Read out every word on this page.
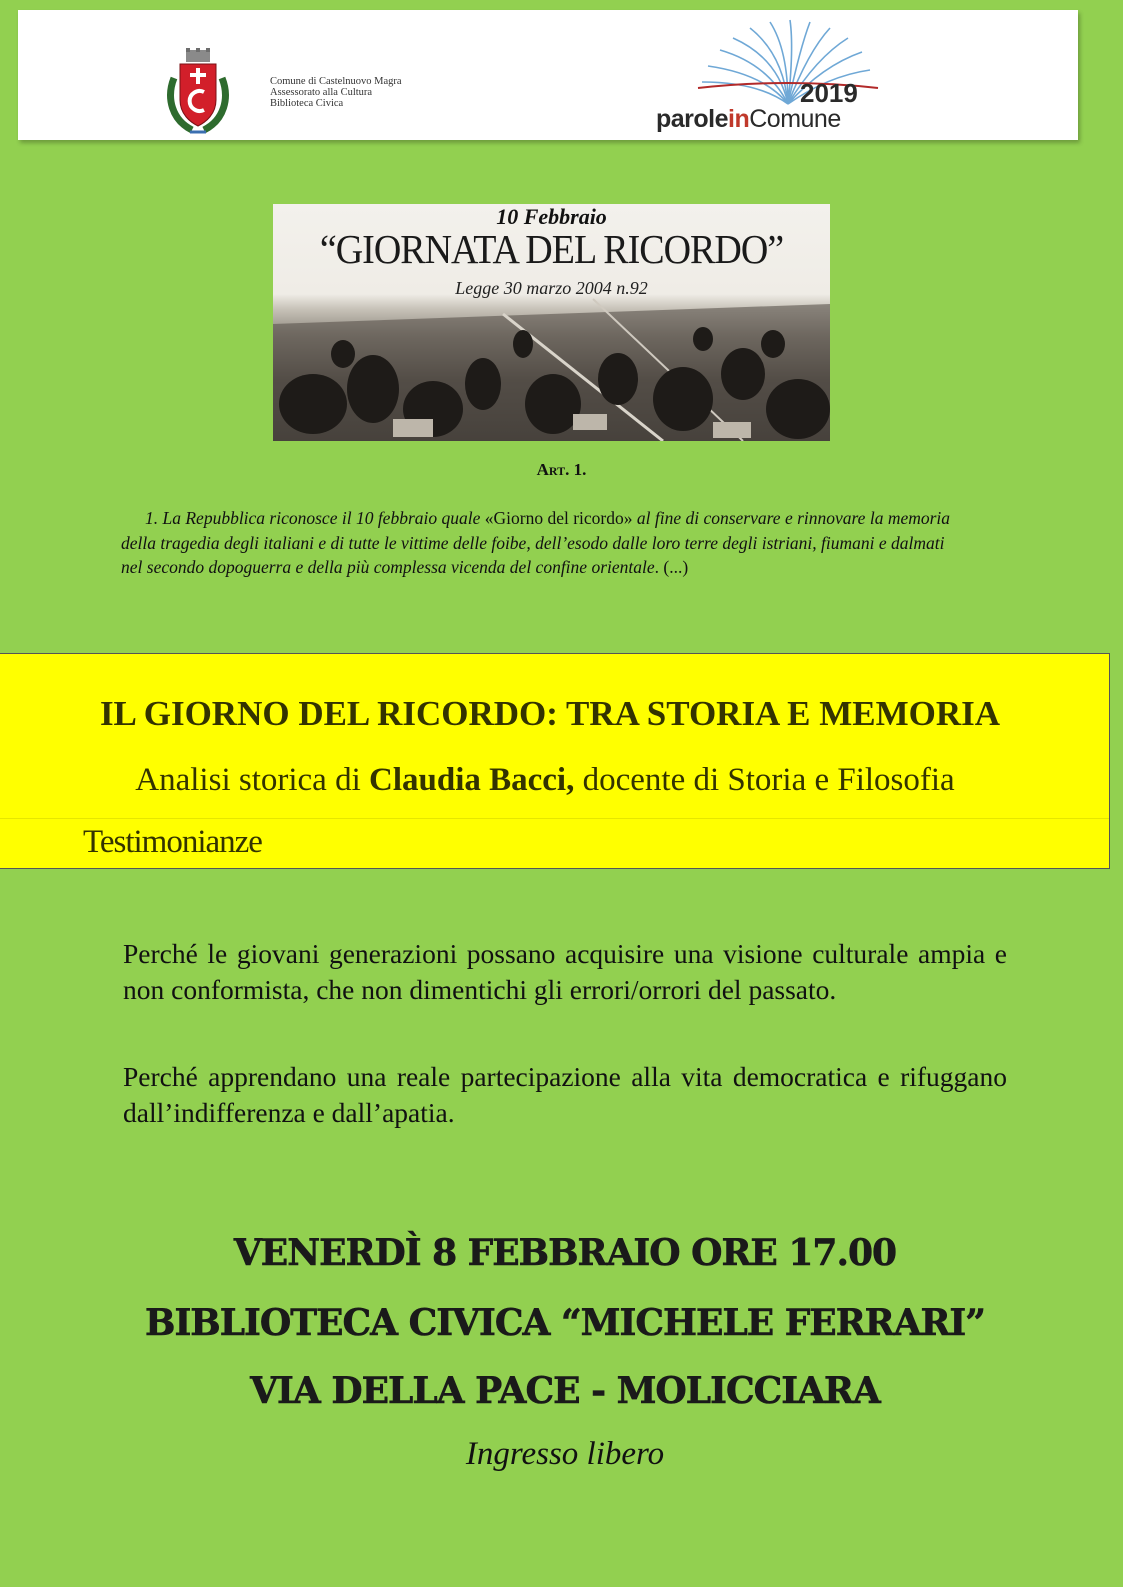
Comune di Castelnuovo Magra
Assessorato alla Cultura
Biblioteca Civica	2019
paroleinComune
10 Febbraio
“GIORNATA DEL RICORDO”
Legge 30 marzo 2004 n.92
Art. 1.
1. La Repubblica riconosce il 10 febbraio quale «Giorno del ricordo» al fine di conservare e rinnovare la memoria della tragedia degli italiani e di tutte le vittime delle foibe, dell’esodo dalle loro terre degli istriani, fiumani e dalmati nel secondo dopoguerra e della più complessa vicenda del confine orientale. (...)
IL GIORNO DEL RICORDO: TRA STORIA E MEMORIA
Analisi storica di Claudia Bacci, docente di Storia e Filosofia
Testimonianze
Perché le giovani generazioni possano acquisire una visione culturale ampia e non conformista, che non dimentichi gli errori/orrori del passato.
Perché apprendano una reale partecipazione alla vita democratica e rifuggano dall’indifferenza e dall’apatia.
VENERDÌ 8 FEBBRAIO ORE 17.00
BIBLIOTECA CIVICA “MICHELE FERRARI”
VIA DELLA PACE - MOLICCIARA
Ingresso libero
